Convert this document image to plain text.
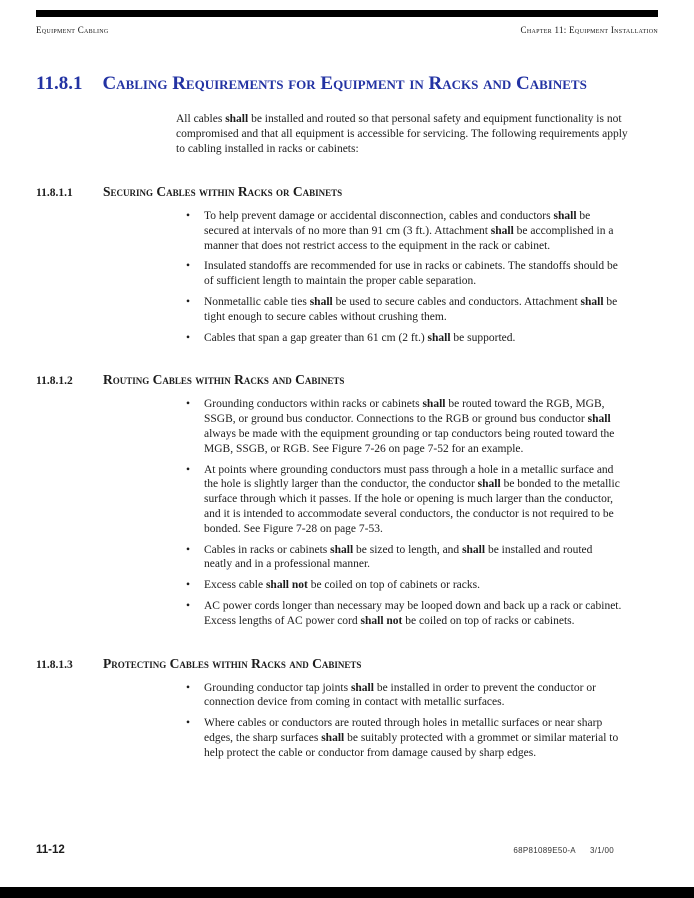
Equipment Cabling	Chapter 11: Equipment Installation
11.8.1 Cabling Requirements for Equipment in Racks and Cabinets

All cables shall be installed and routed so that personal safety and equipment functionality is not compromised and that all equipment is accessible for servicing. The following requirements apply to cabling installed in racks or cabinets:

11.8.1.1	Securing Cables within Racks or Cabinets
•	To help prevent damage or accidental disconnection, cables and conductors shall be secured at intervals of no more than 91 cm (3 ft.). Attachment shall be accomplished in a manner that does not restrict access to the equipment in the rack or cabinet.
•	Insulated standoffs are recommended for use in racks or cabinets. The standoffs should be of sufficient length to maintain the proper cable separation.
•	Nonmetallic cable ties shall be used to secure cables and conductors. Attachment shall be tight enough to secure cables without crushing them.
•	Cables that span a gap greater than 61 cm (2 ft.) shall be supported.
11.8.1.2	Routing Cables within Racks and Cabinets
•	Grounding conductors within racks or cabinets shall be routed toward the RGB, MGB, SSGB, or ground bus conductor. Connections to the RGB or ground bus conductor shall always be made with the equipment grounding or tap conductors being routed toward the MGB, SSGB, or RGB. See Figure 7-26 on page 7-52 for an example.
•	At points where grounding conductors must pass through a hole in a metallic surface and the hole is slightly larger than the conductor, the conductor shall be bonded to the metallic surface through which it passes. If the hole or opening is much larger than the conductor, and it is intended to accommodate several conductors, the conductor is not required to be bonded. See Figure 7-28 on page 7-53.
•	Cables in racks or cabinets shall be sized to length, and shall be installed and routed neatly and in a professional manner.
•	Excess cable shall not be coiled on top of cabinets or racks.
•	AC power cords longer than necessary may be looped down and back up a rack or cabinet. Excess lengths of AC power cord shall not be coiled on top of racks or cabinets.
11.8.1.3	Protecting Cables within Racks and Cabinets
•	Grounding conductor tap joints shall be installed in order to prevent the conductor or connection device from coming in contact with metallic surfaces.
•	Where cables or conductors are routed through holes in metallic surfaces or near sharp edges, the sharp surfaces shall be suitably protected with a grommet or similar material to help protect the cable or conductor from damage caused by sharp edges.
11-12	68P81089E50-A 3/1/00
